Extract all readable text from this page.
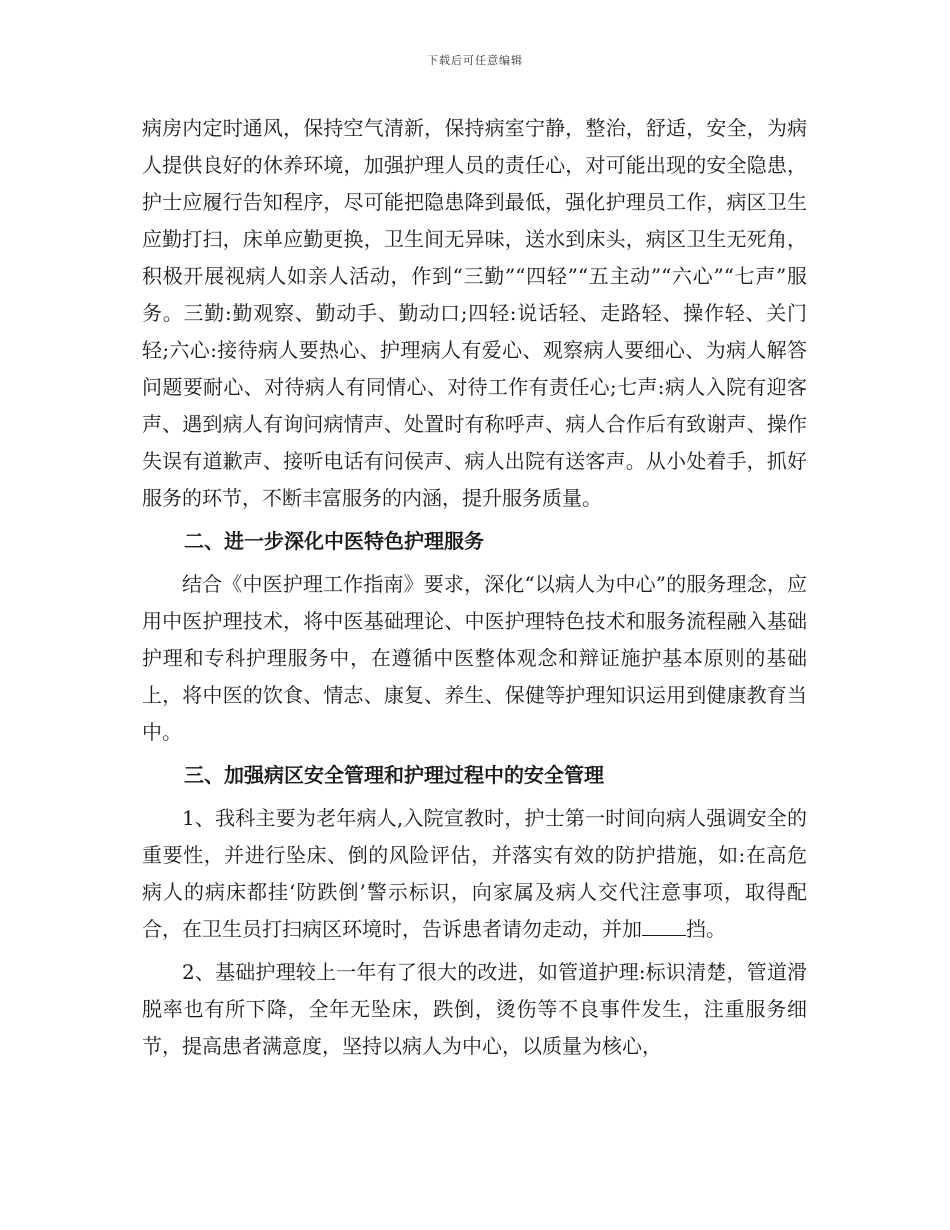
下载后可任意编辑

病房内定时通风，保持空气清新，保持病室宁静，整治，舒适，安全，为病人提供良好的休养环境，加强护理人员的责任心，对可能出现的安全隐患，护士应履行告知程序，尽可能把隐患降到最低，强化护理员工作，病区卫生应勤打扫，床单应勤更换，卫生间无异味，送水到床头，病区卫生无死角，积极开展视病人如亲人活动，作到“三勤”“四轻”“五主动”“六心”“七声”服务。三勤:勤观察、勤动手、勤动口;四轻:说话轻、走路轻、操作轻、关门轻;六心:接待病人要热心、护理病人有爱心、观察病人要细心、为病人解答问题要耐心、对待病人有同情心、对待工作有责任心;七声:病人入院有迎客声、遇到病人有询问病情声、处置时有称呼声、病人合作后有致谢声、操作失误有道歉声、接听电话有问侯声、病人出院有送客声。从小处着手，抓好服务的环节，不断丰富服务的内涵，提升服务质量。

二、进一步深化中医特色护理服务

结合《中医护理工作指南》要求，深化“以病人为中心”的服务理念，应用中医护理技术，将中医基础理论、中医护理特色技术和服务流程融入基础护理和专科护理服务中，在遵循中医整体观念和辩证施护基本原则的基础上，将中医的饮食、情志、康复、养生、保健等护理知识运用到健康教育当中。

三、加强病区安全管理和护理过程中的安全管理

1、我科主要为老年病人,入院宣教时，护士第一时间向病人强调安全的重要性，并进行坠床、倒的风险评估，并落实有效的防护措施，如:在高危病人的病床都挂‘防跌倒’警示标识，向家属及病人交代注意事项，取得配合，在卫生员打扫病区环境时，告诉患者请勿走动，并加 挡。

2、基础护理较上一年有了很大的改进，如管道护理:标识清楚，管道滑脱率也有所下降，全年无坠床，跌倒，烫伤等不良事件发生，注重服务细节，提高患者满意度，坚持以病人为中心，以质量为核心，
